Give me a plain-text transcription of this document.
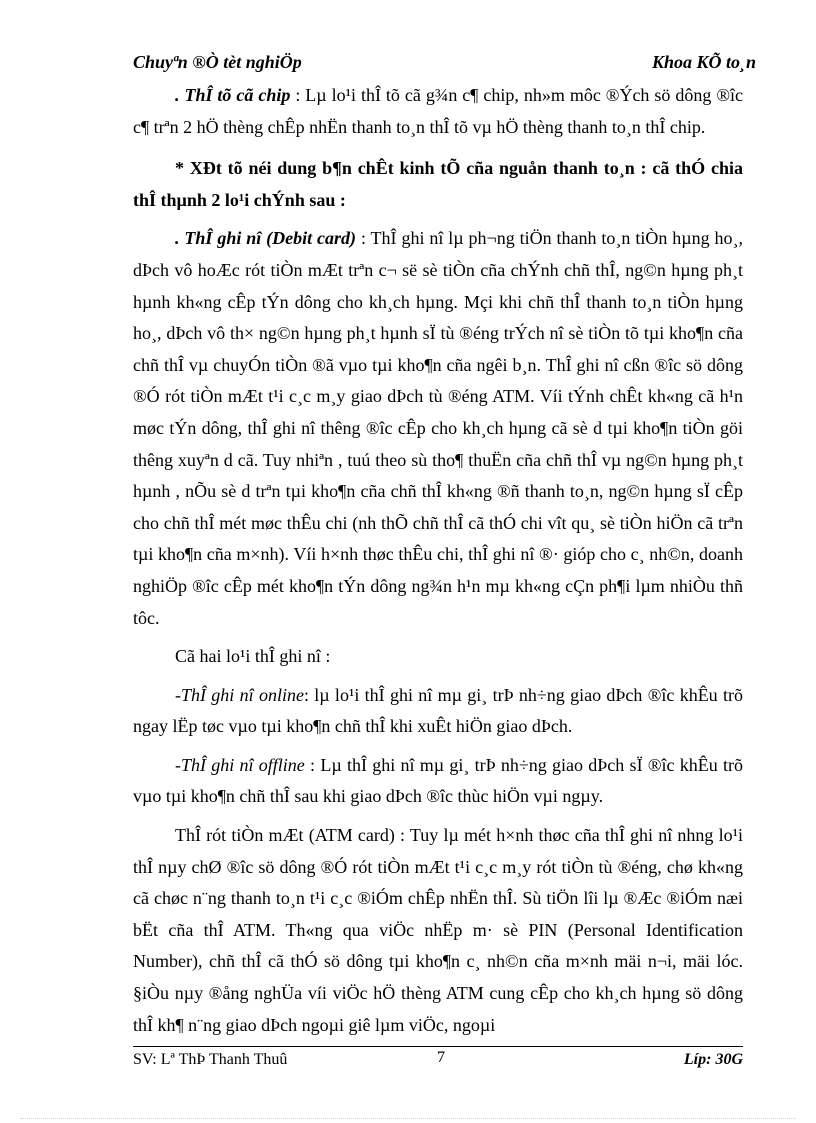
Chuyªn ®Ò tèt nghiÖp	Khoa KÕ to¸n

. ThÎ tõ cã chip : Lµ lo¹i thÎ tõ cã g¾n c¶ chip, nh»m môc ®Ých sö dông ®îc c¶ trªn 2 hÖ thèng chÊp nhËn thanh to¸n thÎ tõ vµ hÖ thèng thanh to¸n thÎ chip.

* XÐt tõ néi dung b¶n chÊt kinh tÕ cña nguån thanh to¸n : cã thÓ chia thÎ thµnh 2 lo¹i chÝnh sau :

. ThÎ ghi nî (Debit card) : ThÎ ghi nî lµ ph¬ng tiÖn thanh to¸n tiÒn hµng ho¸, dÞch vô hoÆc rót tiÒn mÆt trªn c¬ së sè tiÒn cña chÝnh chñ thÎ, ng©n hµng ph¸t hµnh kh«ng cÊp tÝn dông cho kh¸ch hµng. Mçi khi chñ thÎ thanh to¸n tiÒn hµng ho¸, dÞch vô th× ng©n hµng ph¸t hµnh sÏ tù ®éng trÝch nî sè tiÒn tõ tµi kho¶n cña chñ thÎ vµ chuyÓn tiÒn ®ã vµo tµi kho¶n cña ngêi b¸n. ThÎ ghi nî cßn ®îc sö dông ®Ó rót tiÒn mÆt t¹i c¸c m¸y giao dÞch tù ®éng ATM. Víi tÝnh chÊt kh«ng cã h¹n møc tÝn dông, thÎ ghi nî thêng ®îc cÊp cho kh¸ch hµng cã sè d tµi kho¶n tiÒn göi thêng xuyªn d cã. Tuy nhiªn , tuú theo sù tho¶ thuËn cña chñ thÎ vµ ng©n hµng ph¸t hµnh , nÕu sè d trªn tµi kho¶n cña chñ thÎ kh«ng ®ñ thanh to¸n, ng©n hµng sÏ cÊp cho chñ thÎ mét møc thÊu chi (nh thÕ chñ thÎ cã thÓ chi vît qu¸ sè tiÒn hiÖn cã trªn tµi kho¶n cña m×nh). Víi h×nh thøc thÊu chi, thÎ ghi nî ®· gióp cho c¸ nh©n, doanh nghiÖp ®îc cÊp mét kho¶n tÝn dông ng¾n h¹n mµ kh«ng cÇn ph¶i lµm nhiÒu thñ tôc.

Cã hai lo¹i thÎ ghi nî :

-ThÎ ghi nî online: lµ lo¹i thÎ ghi nî mµ gi¸ trÞ nh÷ng giao dÞch ®îc khÊu trõ ngay lËp tøc vµo tµi kho¶n chñ thÎ khi xuÊt hiÖn giao dÞch.

-ThÎ ghi nî offline : Lµ thÎ ghi nî mµ gi¸ trÞ nh÷ng giao dÞch sÏ ®îc khÊu trõ vµo tµi kho¶n chñ thÎ sau khi giao dÞch ®îc thùc hiÖn vµi ngµy.

ThÎ rót tiÒn mÆt (ATM card) : Tuy lµ mét h×nh thøc cña thÎ ghi nî nhng lo¹i thÎ nµy chØ ®îc sö dông ®Ó rót tiÒn mÆt t¹i c¸c m¸y rót tiÒn tù ®éng, chø kh«ng cã chøc n¨ng thanh to¸n t¹i c¸c ®iÓm chÊp nhËn thÎ. Sù tiÖn lîi lµ ®Æc ®iÓm næi bËt cña thÎ ATM. Th«ng qua viÖc nhËp m· sè PIN (Personal Identification Number), chñ thÎ cã thÓ sö dông tµi kho¶n c¸ nh©n cña m×nh mäi n¬i, mäi lóc. §iÒu nµy ®ång nghÜa víi viÖc hÖ thèng ATM cung cÊp cho kh¸ch hµng sö dông thÎ kh¶ n¨ng giao dÞch ngoµi giê lµm viÖc, ngoµi

SV: Lª ThÞ Thanh Thuû	7	Líp: 30G
